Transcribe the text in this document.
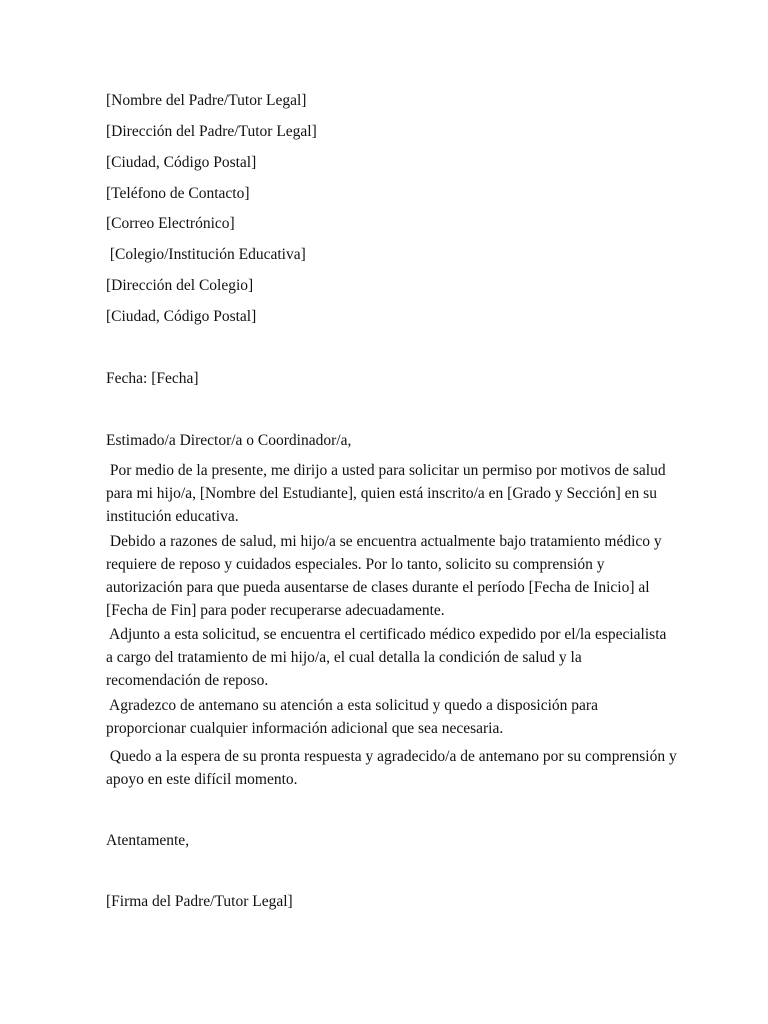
[Nombre del Padre/Tutor Legal]
[Dirección del Padre/Tutor Legal]
[Ciudad, Código Postal]
[Teléfono de Contacto]
[Correo Electrónico]
[Colegio/Institución Educativa]
[Dirección del Colegio]
[Ciudad, Código Postal]
Fecha: [Fecha]
Estimado/a Director/a o Coordinador/a,
Por medio de la presente, me dirijo a usted para solicitar un permiso por motivos de salud
para mi hijo/a, [Nombre del Estudiante], quien está inscrito/a en [Grado y Sección] en su
institución educativa.
Debido a razones de salud, mi hijo/a se encuentra actualmente bajo tratamiento médico y
requiere de reposo y cuidados especiales. Por lo tanto, solicito su comprensión y
autorización para que pueda ausentarse de clases durante el período [Fecha de Inicio] al
[Fecha de Fin] para poder recuperarse adecuadamente.
Adjunto a esta solicitud, se encuentra el certificado médico expedido por el/la especialista
a cargo del tratamiento de mi hijo/a, el cual detalla la condición de salud y la
recomendación de reposo.
Agradezco de antemano su atención a esta solicitud y quedo a disposición para
proporcionar cualquier información adicional que sea necesaria.
Quedo a la espera de su pronta respuesta y agradecido/a de antemano por su comprensión y
apoyo en este difícil momento.
Atentamente,
[Firma del Padre/Tutor Legal]
